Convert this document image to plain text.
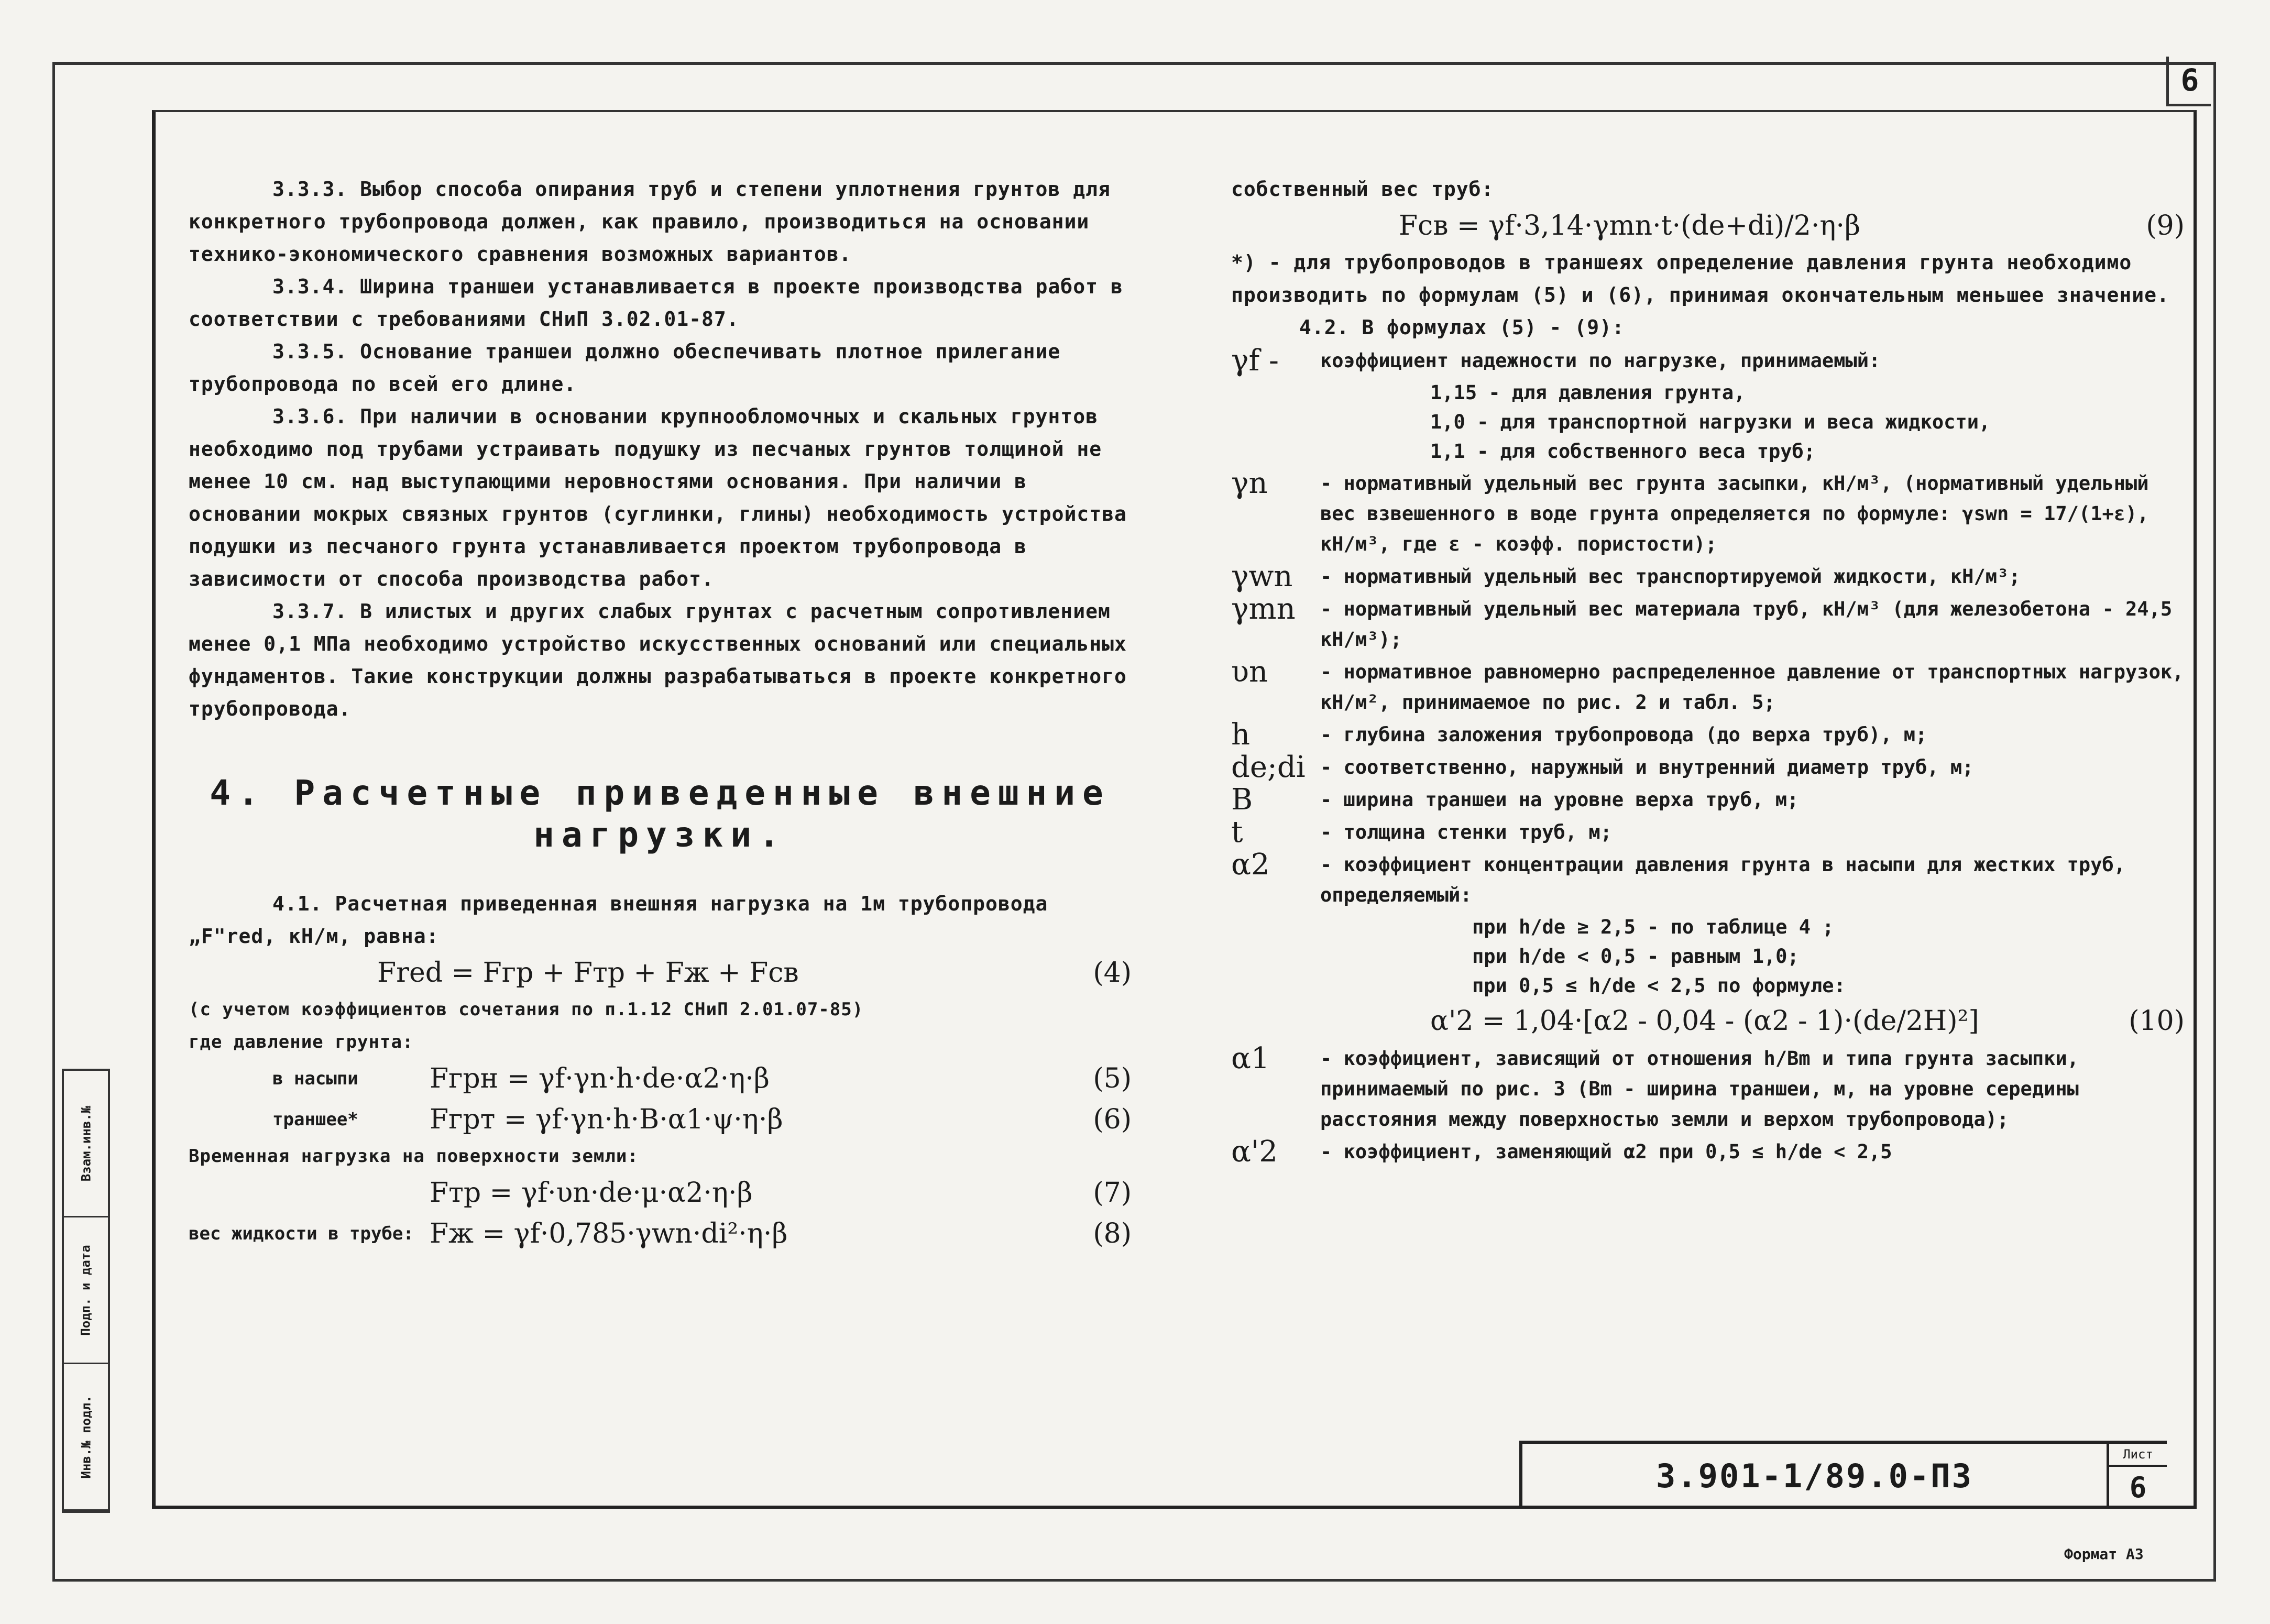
6
Взам.инв.№
Подп. и дата
Инв.№ подл.

3.3.3. Выбор способа опирания труб и степени уплотнения грунтов для конкретного трубопровода должен, как правило, производиться на основании технико-экономического сравнения возможных вариантов.

3.3.4. Ширина траншеи устанавливается в проекте производства работ в соответствии с требованиями СНиП 3.02.01-87.

3.3.5. Основание траншеи должно обеспечивать плотное прилегание трубопровода по всей его длине.

3.3.6. При наличии в основании крупнообломочных и скальных грунтов необходимо под трубами устраивать подушку из песчаных грунтов толщиной не менее 10 см. над выступающими неровностями основания. При наличии в основании мокрых связных грунтов (суглинки, глины) необходимость устройства подушки из песчаного грунта устанавливается проектом трубопровода в зависимости от способа производства работ.

3.3.7. В илистых и других слабых грунтах с расчетным сопротивлением менее 0,1 МПа необходимо устройство искусственных оснований или специальных фундаментов. Такие конструкции должны разрабатываться в проекте конкретного трубопровода.

4. Расчетные приведенные внешние нагрузки.

4.1. Расчетная приведенная внешняя нагрузка на 1м трубопровода „F"red, кН/м, равна:

Fred = Fгр + Fтр + Fж + Fсв	(4)

(с учетом коэффициентов сочетания по п.1.12 СНиП 2.01.07-85)

где давление грунта:

в насыпи	Fгрн = γf·γn·h·de·α2·η·β	(5)
траншее*	Fгрт = γf·γn·h·B·α1·ψ·η·β	(6)

Временная нагрузка на поверхности земли:

Fтр = γf·υn·de·μ·α2·η·β	(7)
вес жидкости в трубе: Fж = γf·0,785·γwn·di²·η·β	(8)

собственный вес труб:

Fсв = γf·3,14·γmn·t·(de+di)/2·η·β	(9)

*) - для трубопроводов в траншеях определение давления грунта необходимо производить по формулам (5) и (6), принимая окончательным меньшее значение.

4.2. В формулах (5) - (9):

γf -	коэффициент надежности по нагрузке, принимаемый:
1,15 - для давления грунта,
1,0 - для транспортной нагрузки и веса жидкости,
1,1 - для собственного веса труб;
γn	- нормативный удельный вес грунта засыпки, кН/м³, (нормативный удельный вес взвешенного в воде грунта определяется по формуле: γswn = 17/(1+ε), кН/м³, где ε - коэфф. пористости);
γwn	- нормативный удельный вес транспортируемой жидкости, кН/м³;
γmn	- нормативный удельный вес материала труб, кН/м³ (для железобетона - 24,5 кН/м³);
υn	- нормативное равномерно распределенное давление от транспортных нагрузок, кН/м², принимаемое по рис. 2 и табл. 5;
h	- глубина заложения трубопровода (до верха труб), м;
de;di - соответственно, наружный и внутренний диаметр труб, м;
B	- ширина траншеи на уровне верха труб, м;
t	- толщина стенки труб, м;
α2	- коэффициент концентрации давления грунта в насыпи для жестких труб, определяемый:
при h/de ≥ 2,5 - по таблице 4 ;
при h/de < 0,5 - равным 1,0;
при 0,5 ≤ h/de < 2,5 по формуле:
α'2 = 1,04·[α2 - 0,04 - (α2 - 1)·(de/2H)²]	(10)
α1	- коэффициент, зависящий от отношения h/Bm и типа грунта засыпки, принимаемый по рис. 3 (Bm - ширина траншеи, м, на уровне середины расстояния между поверхностью земли и верхом трубопровода);
α'2	- коэффициент, заменяющий α2 при 0,5 ≤ h/de < 2,5
3.901-1/89.0-ПЗ
Лист
6
Формат А3
